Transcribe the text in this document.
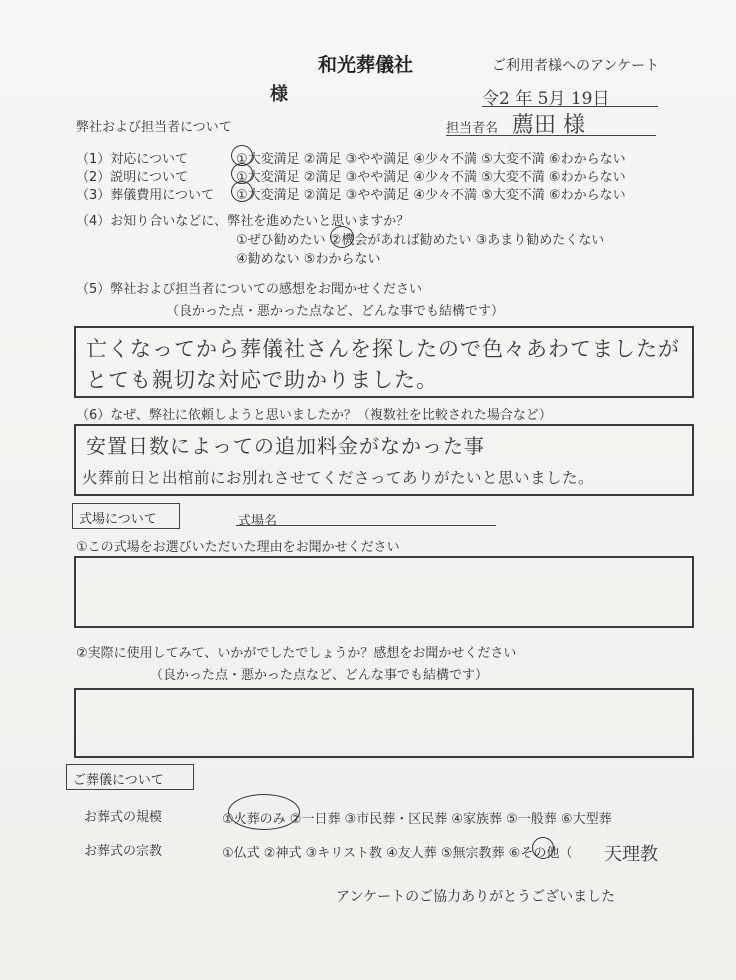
和光葬儀社	ご利用者様へのアンケート
様	令2 年 5月 19日
弊社および担当者について	担当者名 薦田 様
（1）対応について	①大変満足 ②満足 ③やや満足 ④少々不満 ⑤大変不満 ⑥わからない
（2）説明について	①大変満足 ②満足 ③やや満足 ④少々不満 ⑤大変不満 ⑥わからない
（3）葬儀費用について ①大変満足 ②満足 ③やや満足 ④少々不満 ⑤大変不満 ⑥わからない
（4）お知り合いなどに、弊社を進めたいと思いますか？
①ぜひ勧めたい ②機会があれば勧めたい ③あまり勧めたくない
④勧めない ⑤わからない
（5）弊社および担当者についての感想をお聞かせください
（良かった点・悪かった点など、どんな事でも結構です）
亡くなってから葬儀社さんを探したので色々あわてましたが
とても親切な対応で助かりました。
（6）なぜ、弊社に依頼しようと思いましたか？（複数社を比較された場合など）
安置日数によっての追加料金がなかった事
火葬前日と出棺前にお別れさせてくださってありがたいと思いました。
式場について	式場名
①この式場をお選びいただいた理由をお聞かせください
②実際に使用してみて、いかがでしたでしょうか？感想をお聞かせください
（良かった点・悪かった点など、どんな事でも結構です）
ご葬儀について
お葬式の規模	①火葬のみ ②一日葬 ③市民葬・区民葬 ④家族葬 ⑤一般葬 ⑥大型葬
お葬式の宗教	①仏式 ②神式 ③キリスト教 ④友人葬 ⑤無宗教葬 ⑥その他（ 天理教
アンケートのご協力ありがとうございました
